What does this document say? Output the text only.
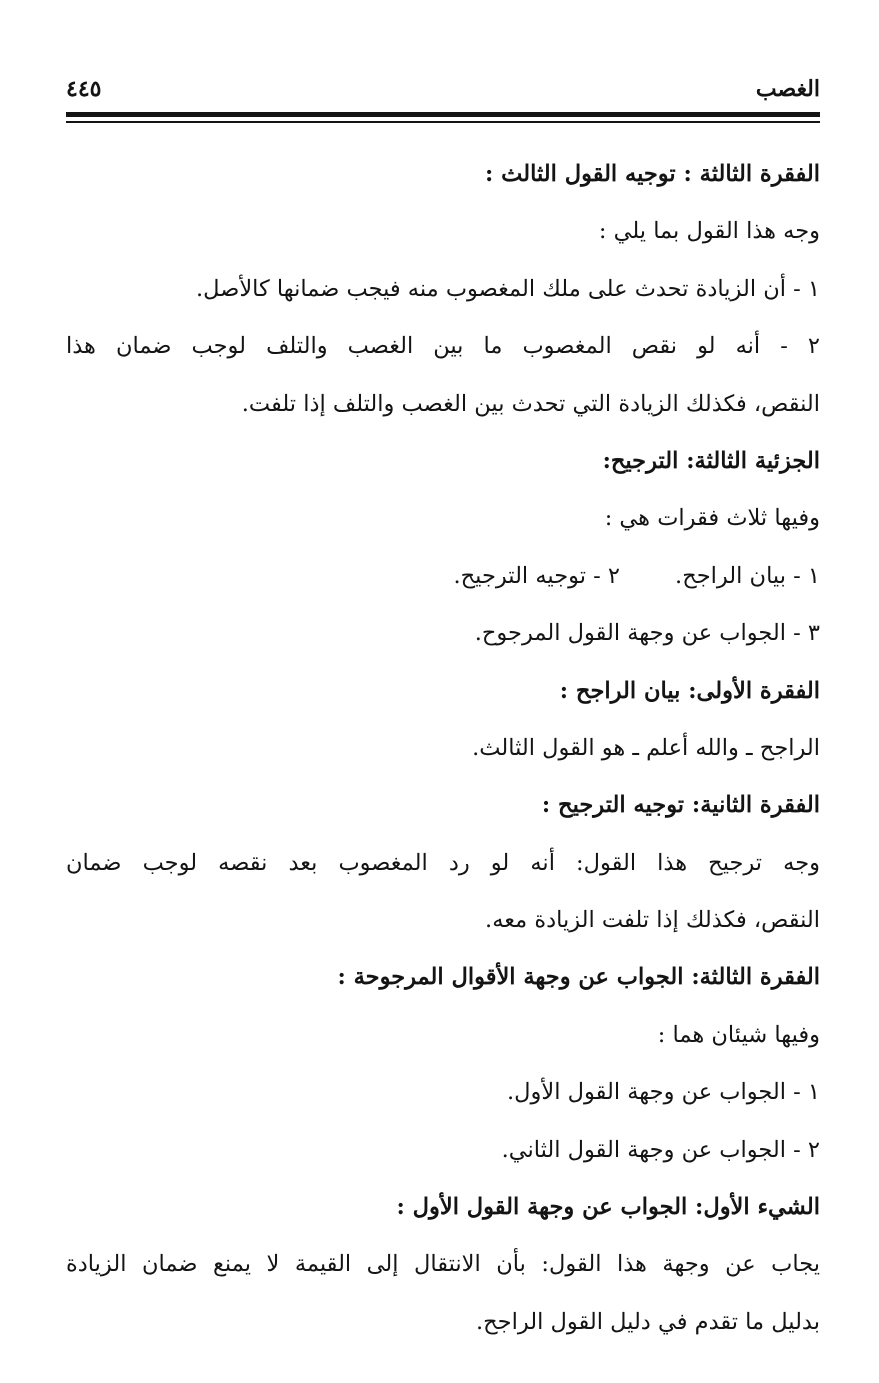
الغصب
٤٤٥
الفقرة الثالثة : توجيه القول الثالث :
وجه هذا القول بما يلي :
١ - أن الزيادة تحدث على ملك المغصوب منه فيجب ضمانها كالأصل.
٢ - أنه لو نقص المغصوب ما بين الغصب والتلف لوجب ضمان هذا
النقص، فكذلك الزيادة التي تحدث بين الغصب والتلف إذا تلفت.
الجزئية الثالثة: الترجيح:
وفيها ثلاث فقرات هي :
١ - بيان الراجح.
٢ - توجيه الترجيح.
٣ - الجواب عن وجهة القول المرجوح.
الفقرة الأولى: بيان الراجح :
الراجح ـ والله أعلم ـ هو القول الثالث.
الفقرة الثانية: توجيه الترجيح :
وجه ترجيح هذا القول: أنه لو رد المغصوب بعد نقصه لوجب ضمان
النقص، فكذلك إذا تلفت الزيادة معه.
الفقرة الثالثة: الجواب عن وجهة الأقوال المرجوحة :
وفيها شيئان هما :
١ - الجواب عن وجهة القول الأول.
٢ - الجواب عن وجهة القول الثاني.
الشيء الأول: الجواب عن وجهة القول الأول :
يجاب عن وجهة هذا القول: بأن الانتقال إلى القيمة لا يمنع ضمان الزيادة
بدليل ما تقدم في دليل القول الراجح.
